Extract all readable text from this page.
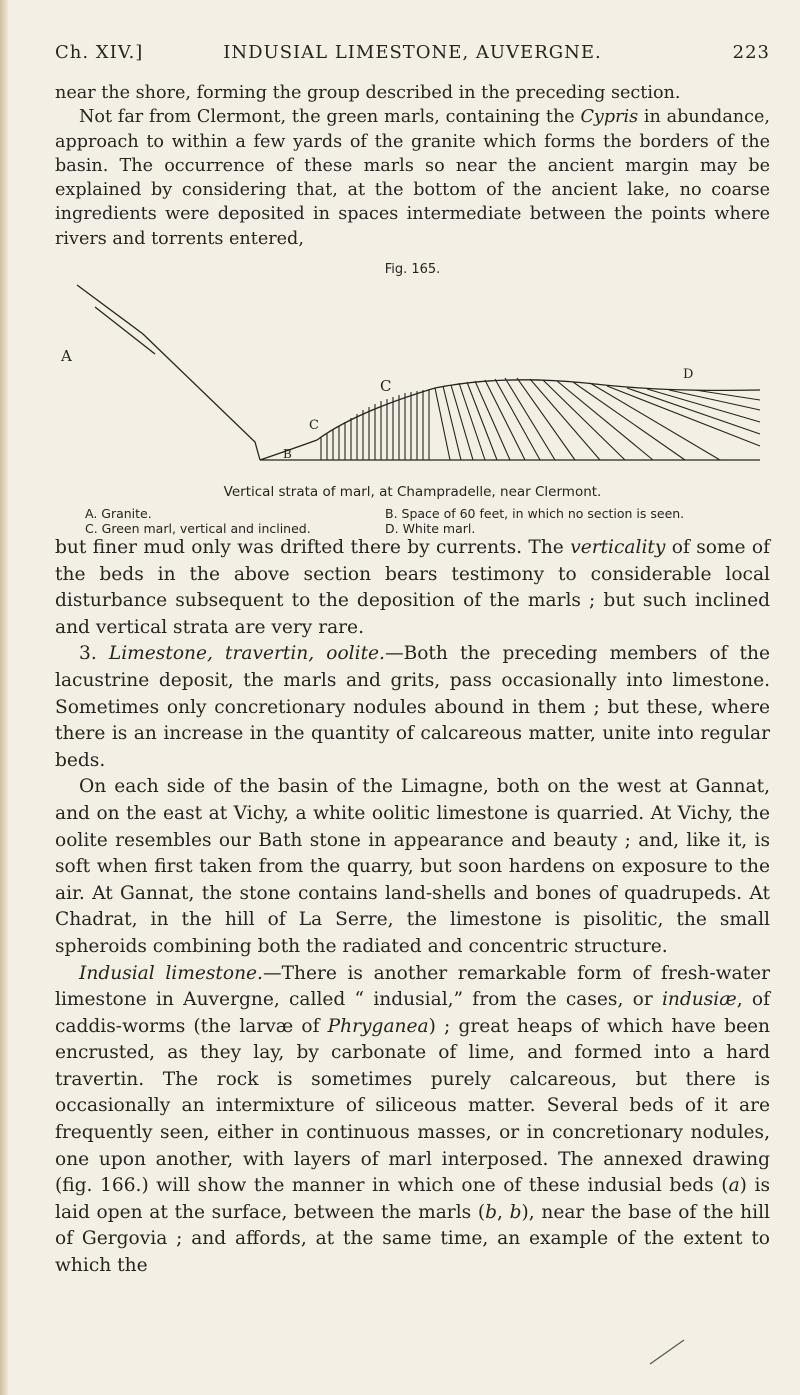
Ch. XIV.]	INDUSIAL LIMESTONE, AUVERGNE.	223

near the shore, forming the group described in the preceding section.

Not far from Clermont, the green marls, containing the Cypris in abundance, approach to within a few yards of the granite which forms the borders of the basin. The occurrence of these marls so near the ancient margin may be explained by considering that, at the bottom of the ancient lake, no coarse ingredients were deposited in spaces intermediate between the points where rivers and torrents entered,

Fig. 165.
A
B
C
C
D
Vertical strata of marl, at Champradelle, near Clermont.
A. Granite.	B. Space of 60 feet, in which no section is seen.
C. Green marl, vertical and inclined.	D. White marl.

but finer mud only was drifted there by currents. The verticality of some of the beds in the above section bears testimony to considerable local disturbance subsequent to the deposition of the marls ; but such inclined and vertical strata are very rare.

3. Limestone, travertin, oolite.—Both the preceding members of the lacustrine deposit, the marls and grits, pass occasionally into limestone. Sometimes only concretionary nodules abound in them ; but these, where there is an increase in the quantity of calcareous matter, unite into regular beds.

On each side of the basin of the Limagne, both on the west at Gannat, and on the east at Vichy, a white oolitic limestone is quarried. At Vichy, the oolite resembles our Bath stone in appearance and beauty ; and, like it, is soft when first taken from the quarry, but soon hardens on exposure to the air. At Gannat, the stone contains land-shells and bones of quadrupeds. At Chadrat, in the hill of La Serre, the limestone is pisolitic, the small spheroids combining both the radiated and concentric structure.

Indusial limestone.—There is another remarkable form of fresh-water limestone in Auvergne, called “ indusial,” from the cases, or indusiæ, of caddis-worms (the larvæ of Phryganea) ; great heaps of which have been encrusted, as they lay, by carbonate of lime, and formed into a hard travertin. The rock is sometimes purely calcareous, but there is occasionally an intermixture of siliceous matter. Several beds of it are frequently seen, either in continuous masses, or in concretionary nodules, one upon another, with layers of marl interposed. The annexed drawing (fig. 166.) will show the manner in which one of these indusial beds (a) is laid open at the surface, between the marls (b, b), near the base of the hill of Gergovia ; and affords, at the same time, an example of the extent to which the
